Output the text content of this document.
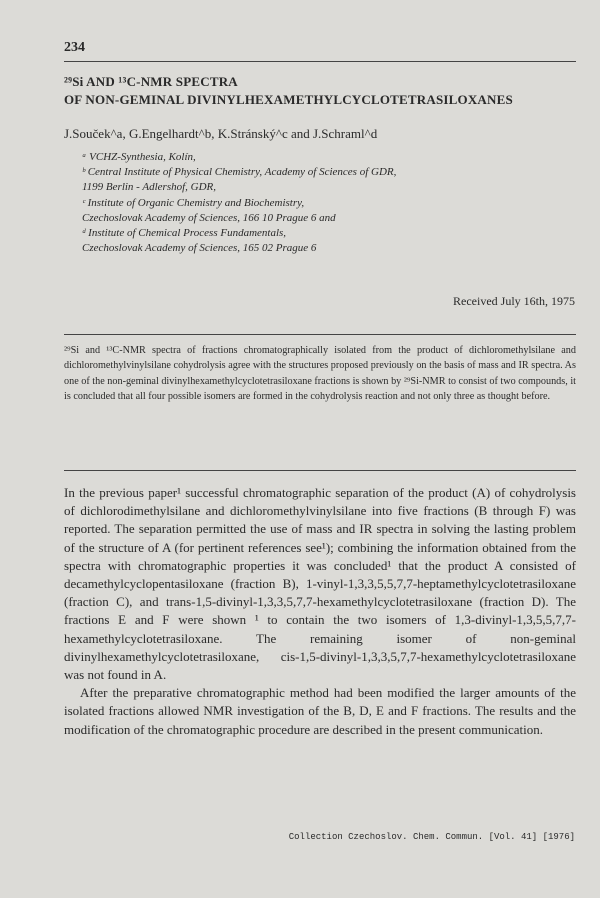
234
²⁹Si AND ¹³C-NMR SPECTRA
OF NON-GEMINAL DIVINYLHEXAMETHYLCYCLOTETRASILOXANES
J.Souček^a, G.Engelhardt^b, K.Stránský^c and J.Schraml^d
ᵃ VCHZ-Synthesia, Kolín,
ᵇ Central Institute of Physical Chemistry, Academy of Sciences of GDR,
1199 Berlin - Adlershof, GDR,
ᶜ Institute of Organic Chemistry and Biochemistry,
Czechoslovak Academy of Sciences, 166 10 Prague 6 and
ᵈ Institute of Chemical Process Fundamentals,
Czechoslovak Academy of Sciences, 165 02 Prague 6
Received July 16th, 1975
²⁹Si and ¹³C-NMR spectra of fractions chromatographically isolated from the product of dichloromethylsilane and dichloromethylvinylsilane cohydrolysis agree with the structures proposed previously on the basis of mass and IR spectra. As one of the non-geminal divinylhexamethylcyclotetrasiloxane fractions is shown by ²⁹Si-NMR to consist of two compounds, it is concluded that all four possible isomers are formed in the cohydrolysis reaction and not only three as thought before.

In the previous paper¹ successful chromatographic separation of the product (A) of cohydrolysis of dichlorodimethylsilane and dichloromethylvinylsilane into five fractions (B through F) was reported. The separation permitted the use of mass and IR spectra in solving the lasting problem of the structure of A (for pertinent references see¹); combining the information obtained from the spectra with chromatographic properties it was concluded¹ that the product A consisted of decamethylcyclopentasiloxane (fraction B), 1-vinyl-1,3,3,5,5,7,7-heptamethylcyclotetrasiloxane (fraction C), and trans-1,5-divinyl-1,3,3,5,7,7-hexamethylcyclotetrasiloxane (fraction D). The fractions E and F were shown ¹ to contain the two isomers of 1,3-divinyl-1,3,5,5,7,7-hexamethylcyclotetrasiloxane. The remaining isomer of non-geminal divinylhexamethylcyclotetrasiloxane, cis-1,5-divinyl-1,3,3,5,7,7-hexamethylcyclotetrasiloxane was not found in A.

After the preparative chromatographic method had been modified the larger amounts of the isolated fractions allowed NMR investigation of the B, D, E and F fractions. The results and the modification of the chromatographic procedure are described in the present communication.

Collection Czechoslov. Chem. Commun. [Vol. 41] [1976]
